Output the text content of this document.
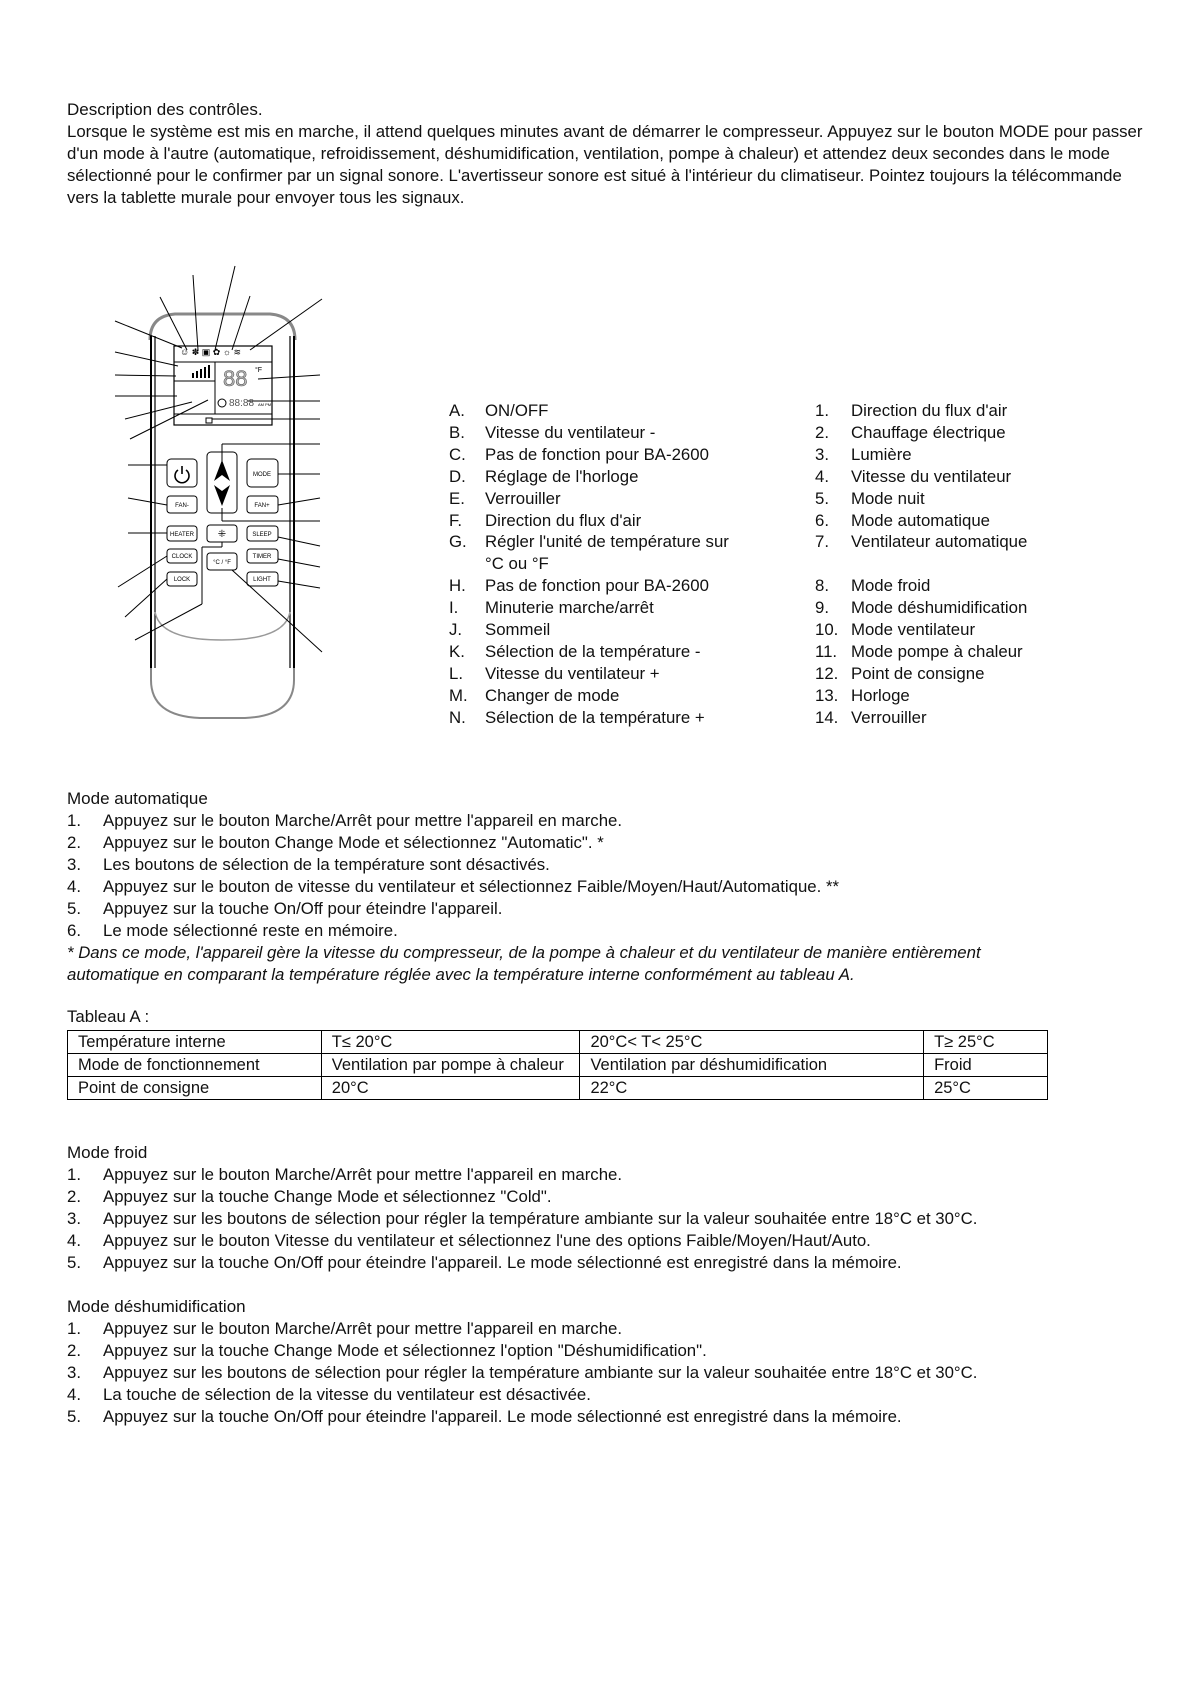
Description des contrôles.
Lorsque le système est mis en marche, il attend quelques minutes avant de démarrer le compresseur. Appuyez sur le bouton MODE pour passer d'un mode à l'autre (automatique, refroidissement, déshumidification, ventilation, pompe à chaleur) et attendez deux secondes dans le mode sélectionné pour le confirmer par un signal sonore. L'avertisseur sonore est situé à l'intérieur du climatiseur. Pointez toujours la télécommande vers la tablette murale pour envoyer tous les signaux.
☺ ✽ ▣ ✿ ☼ ≋
88 °F
88:88 AM PM
⁜
MODE
FAN-	FAN+
HEATER	SLEEP
CLOCK	TIMER
°C / °F
LOCK	LIGHT
A. ON/OFF
B. Vitesse du ventilateur -
C. Pas de fonction pour BA-2600
D. Réglage de l'horloge
E. Verrouiller
F. Direction du flux d'air
G. Régler l'unité de température sur
°C ou °F
H. Pas de fonction pour BA-2600
I. Minuterie marche/arrêt
J. Sommeil
K. Sélection de la température -
L. Vitesse du ventilateur +
M. Changer de mode
N. Sélection de la température +
1. Direction du flux d'air
2. Chauffage électrique
3. Lumière
4. Vitesse du ventilateur
5. Mode nuit
6. Mode automatique
7. Ventilateur automatique
8. Mode froid
9. Mode déshumidification
10. Mode ventilateur
11. Mode pompe à chaleur
12. Point de consigne
13. Horloge
14. Verrouiller
Mode automatique
1. Appuyez sur le bouton Marche/Arrêt pour mettre l'appareil en marche.
2. Appuyez sur le bouton Change Mode et sélectionnez "Automatic". *
3. Les boutons de sélection de la température sont désactivés.
4. Appuyez sur le bouton de vitesse du ventilateur et sélectionnez Faible/Moyen/Haut/Automatique. **
5. Appuyez sur la touche On/Off pour éteindre l'appareil.
6. Le mode sélectionné reste en mémoire.
* Dans ce mode, l'appareil gère la vitesse du compresseur, de la pompe à chaleur et du ventilateur de manière entièrement
automatique en comparant la température réglée avec la température interne conformément au tableau A.
Tableau A :
Température interne	T≤ 20°C	20°C< T< 25°C	T≥ 25°C
Mode de fonctionnement	Ventilation par pompe à chaleur	Ventilation par déshumidification	Froid
Point de consigne	20°C	22°C	25°C
Mode froid
1. Appuyez sur le bouton Marche/Arrêt pour mettre l'appareil en marche.
2. Appuyez sur la touche Change Mode et sélectionnez "Cold".
3. Appuyez sur les boutons de sélection pour régler la température ambiante sur la valeur souhaitée entre 18°C et 30°C.
4. Appuyez sur le bouton Vitesse du ventilateur et sélectionnez l'une des options Faible/Moyen/Haut/Auto.
5. Appuyez sur la touche On/Off pour éteindre l'appareil. Le mode sélectionné est enregistré dans la mémoire.
Mode déshumidification
1. Appuyez sur le bouton Marche/Arrêt pour mettre l'appareil en marche.
2. Appuyez sur la touche Change Mode et sélectionnez l'option "Déshumidification".
3. Appuyez sur les boutons de sélection pour régler la température ambiante sur la valeur souhaitée entre 18°C et 30°C.
4. La touche de sélection de la vitesse du ventilateur est désactivée.
5. Appuyez sur la touche On/Off pour éteindre l'appareil. Le mode sélectionné est enregistré dans la mémoire.
